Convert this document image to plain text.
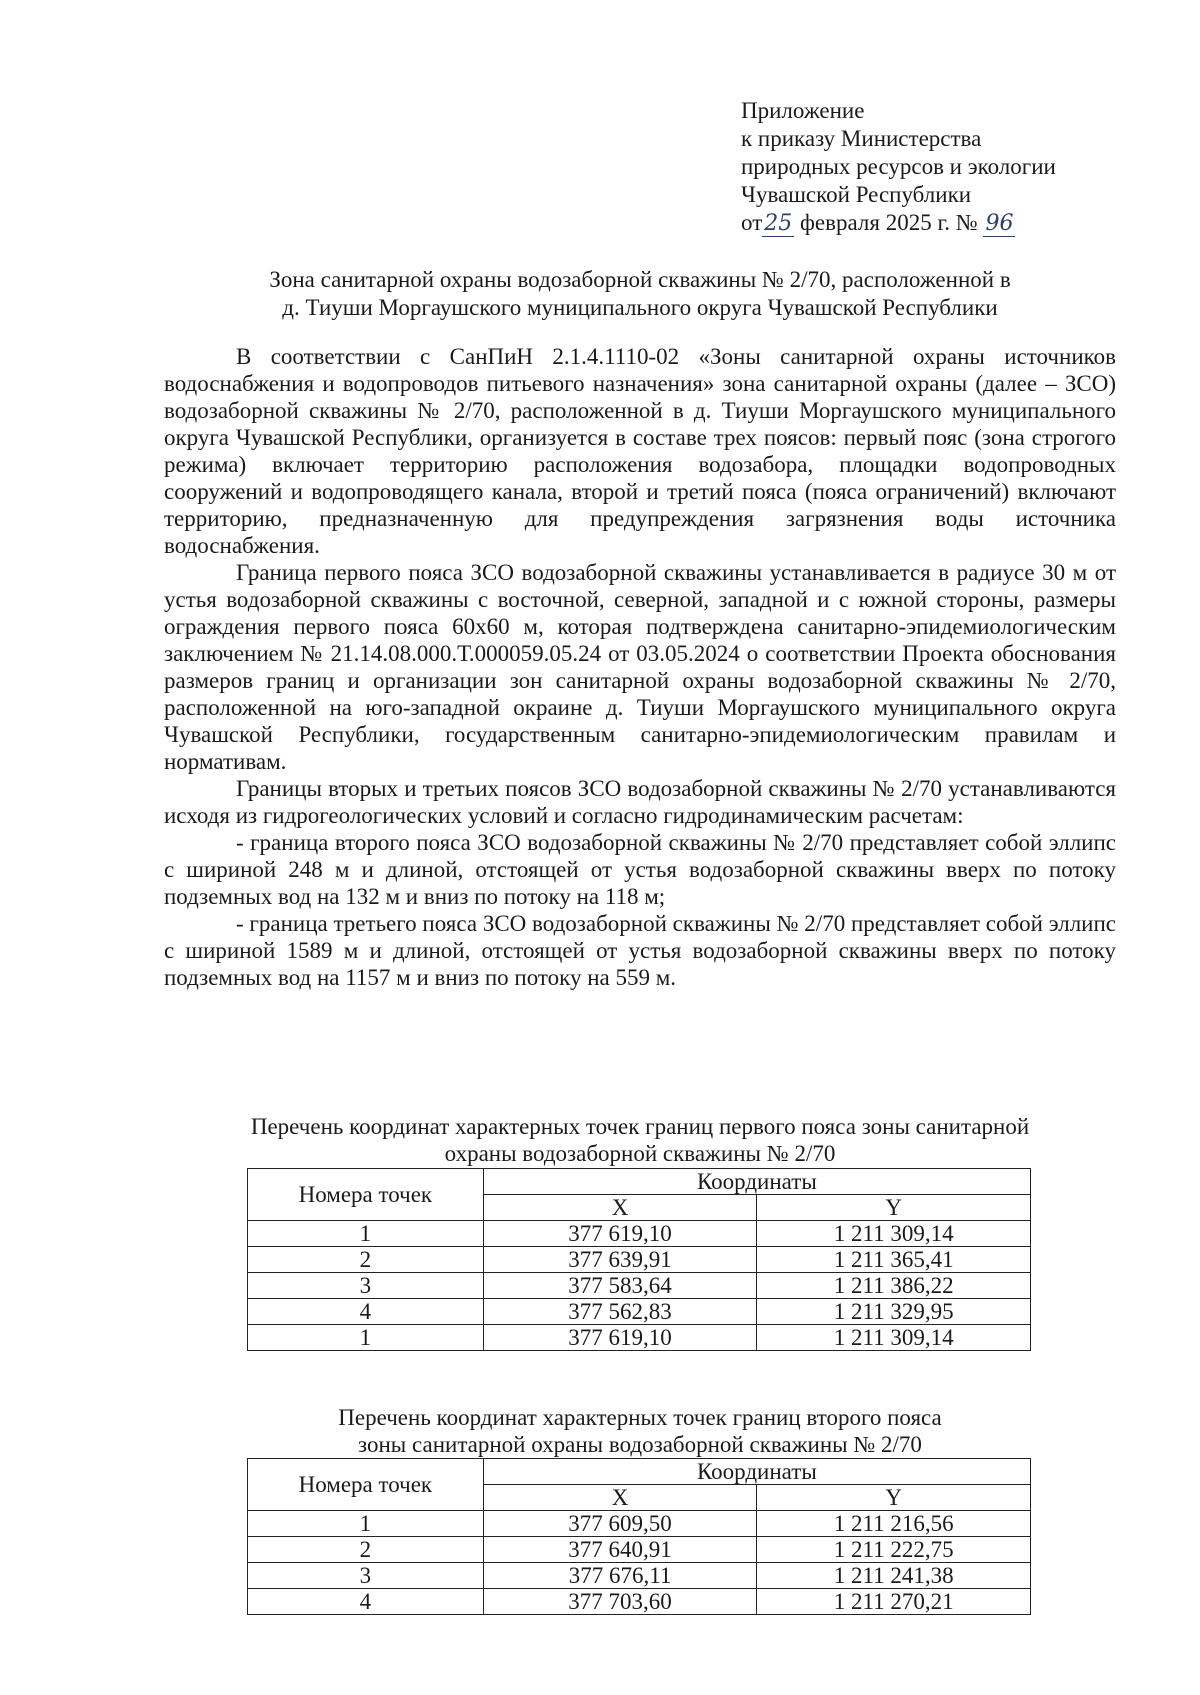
Приложение
к приказу Министерства
природных ресурсов и экологии
Чувашской Республики
от25 февраля 2025 г. № 96
Зона санитарной охраны водозаборной скважины № 2/70, расположенной в
д. Тиуши Моргаушского муниципального округа Чувашской Республики

В соответствии с СанПиН 2.1.4.1110-02 «Зоны санитарной охраны источников водоснабжения и водопроводов питьевого назначения» зона санитарной охраны (далее – ЗСО) водозаборной скважины № 2/70, расположенной в д. Тиуши Моргаушского муниципального округа Чувашской Республики, организуется в составе трех поясов: первый пояс (зона строгого режима) включает территорию расположения водозабора, площадки водопроводных сооружений и водопроводящего канала, второй и третий пояса (пояса ограничений) включают территорию, предназначенную для предупреждения загрязнения воды источника водоснабжения.

Граница первого пояса ЗСО водозаборной скважины устанавливается в радиусе 30 м от устья водозаборной скважины с восточной, северной, западной и с южной стороны, размеры ограждения первого пояса 60х60 м, которая подтверждена санитарно-эпидемиологическим заключением № 21.14.08.000.Т.000059.05.24 от 03.05.2024 о соответствии Проекта обоснования размеров границ и организации зон санитарной охраны водозаборной скважины № 2/70, расположенной на юго-западной окраине д. Тиуши Моргаушского муниципального округа Чувашской Республики, государственным санитарно-эпидемиологическим правилам и нормативам.

Границы вторых и третьих поясов ЗСО водозаборной скважины № 2/70 устанавливаются исходя из гидрогеологических условий и согласно гидродинамическим расчетам:

- граница второго пояса ЗСО водозаборной скважины № 2/70 представляет собой эллипс с шириной 248 м и длиной, отстоящей от устья водозаборной скважины вверх по потоку подземных вод на 132 м и вниз по потоку на 118 м;

- граница третьего пояса ЗСО водозаборной скважины № 2/70 представляет собой эллипс с шириной 1589 м и длиной, отстоящей от устья водозаборной скважины вверх по потоку подземных вод на 1157 м и вниз по потоку на 559 м.

Перечень координат характерных точек границ первого пояса зоны санитарной
охраны водозаборной скважины № 2/70
Номера точек	Координаты	
	X	Y
1	377 619,10	1 211 309,14
2	377 639,91	1 211 365,41
3	377 583,64	1 211 386,22
4	377 562,83	1 211 329,95
1	377 619,10	1 211 309,14
Перечень координат характерных точек границ второго пояса
зоны санитарной охраны водозаборной скважины № 2/70
Номера точек	Координаты	
	X	Y
1	377 609,50	1 211 216,56
2	377 640,91	1 211 222,75
3	377 676,11	1 211 241,38
4	377 703,60	1 211 270,21
